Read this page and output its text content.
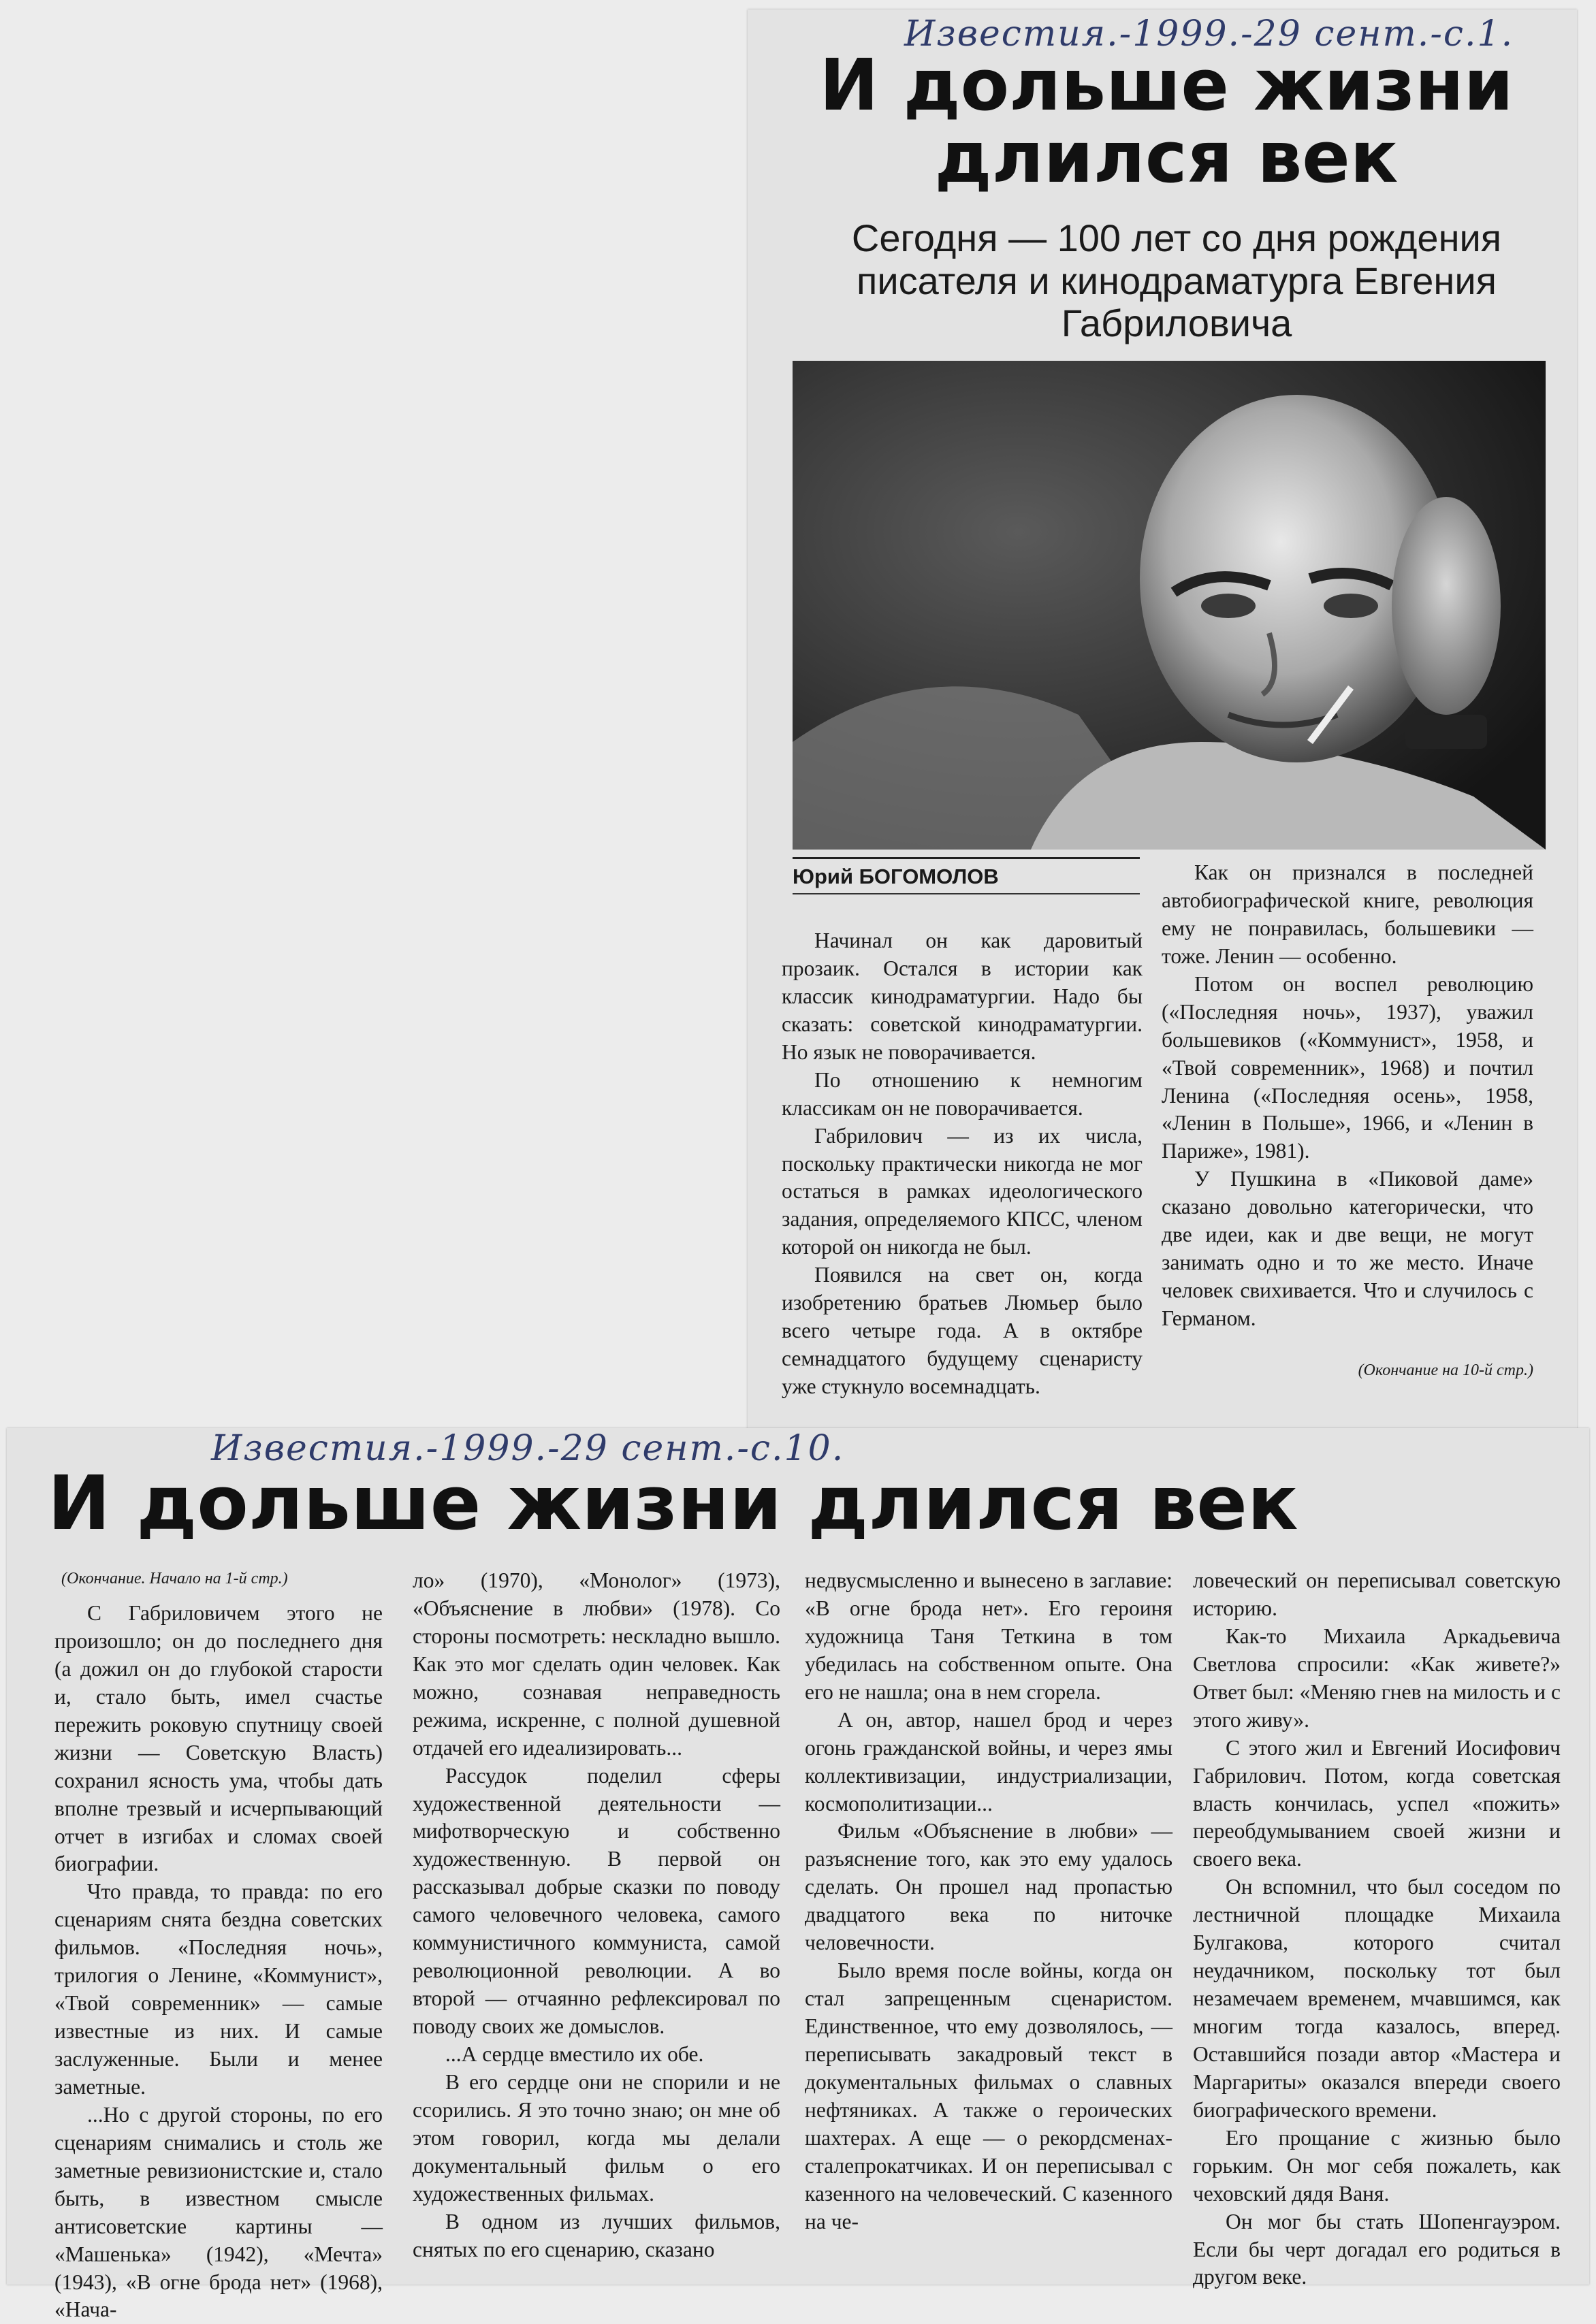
Известия.-1999.-29 сент.-с.1.
И дольше жизни длился век
Сегодня — 100 лет со дня рождения писателя и кинодраматурга Евгения Габриловича
Юрий БОГОМОЛОВ

Начинал он как даровитый прозаик. Остался в истории как классик кинодраматургии. Надо бы сказать: советской кинодраматургии. Но язык не поворачивается.

По отношению к немногим классикам он не поворачивается.

Габрилович — из их числа, поскольку практически никогда не мог остаться в рамках идеологического задания, определяемого КПСС, членом которой он никогда не был.

Появился на свет он, когда изобретению братьев Люмьер было всего четыре года. А в октябре семнадцатого будущему сценаристу уже стукнуло восемнадцать.

Как он признался в последней автобиографической книге, революция ему не понравилась, большевики — тоже. Ленин — особенно.

Потом он воспел революцию («Последняя ночь», 1937), уважил большевиков («Коммунист», 1958, и «Твой современник», 1968) и почтил Ленина («Последняя осень», 1958, «Ленин в Польше», 1966, и «Ленин в Париже», 1981).

У Пушкина в «Пиковой даме» сказано довольно категорически, что две идеи, как и две вещи, не могут занимать одно и то же место. Иначе человек свихивается. Что и случилось с Германом.

(Окончание на 10-й стр.)
Известия.-1999.-29 сент.-с.10.
И дольше жизни длился век
(Окончание. Начало на 1-й стр.)

С Габриловичем этого не произошло; он до последнего дня (а дожил он до глубокой старости и, стало быть, имел счастье пережить роковую спутницу своей жизни — Советскую Власть) сохранил ясность ума, чтобы дать вполне трезвый и исчерпывающий отчет в изгибах и сломах своей биографии.

Что правда, то правда: по его сценариям снята бездна советских фильмов. «Последняя ночь», трилогия о Ленине, «Коммунист», «Твой современник» — самые известные из них. И самые заслуженные. Были и менее заметные.

...Но с другой стороны, по его сценариям снимались и столь же заметные ревизионистские и, стало быть, в известном смысле антисоветские картины — «Машенька» (1942), «Мечта» (1943), «В огне брода нет» (1968), «Нача-

ло» (1970), «Монолог» (1973), «Объяснение в любви» (1978). Со стороны посмотреть: нескладно вышло. Как это мог сделать один человек. Как можно, сознавая неправедность режима, искренне, с полной душевной отдачей его идеализировать...

Рассудок поделил сферы художественной деятельности — мифотворческую и собственно художественную. В первой он рассказывал добрые сказки по поводу самого человечного человека, самого коммунистичного коммуниста, самой революционной революции. А во второй — отчаянно рефлексировал по поводу своих же домыслов.

...А сердце вместило их обе.

В его сердце они не спорили и не ссорились. Я это точно знаю; он мне об этом говорил, когда мы делали документальный фильм о его художественных фильмах.

В одном из лучших фильмов, снятых по его сценарию, сказано

недвусмысленно и вынесено в заглавие: «В огне брода нет». Его героиня художница Таня Теткина в том убедилась на собственном опыте. Она его не нашла; она в нем сгорела.

А он, автор, нашел брод и через огонь гражданской войны, и через ямы коллективизации, индустриализации, космополитизации...

Фильм «Объяснение в любви» — разъяснение того, как это ему удалось сделать. Он прошел над пропастью двадцатого века по ниточке человечности.

Было время после войны, когда он стал запрещенным сценаристом. Единственное, что ему дозволялось, — переписывать закадровый текст в документальных фильмах о славных нефтяниках. А также о героических шахтерах. А еще — о рекордсменах-сталепрокатчиках. И он переписывал с казенного на человеческий. С казенного на че-

ловеческий он переписывал советскую историю.

Как-то Михаила Аркадьевича Светлова спросили: «Как живете?» Ответ был: «Меняю гнев на милость и с этого живу».

С этого жил и Евгений Иосифович Габрилович. Потом, когда советская власть кончилась, успел «пожить» переобдумыванием своей жизни и своего века.

Он вспомнил, что был соседом по лестничной площадке Михаила Булгакова, которого считал неудачником, поскольку тот был незамечаем временем, мчавшимся, как многим тогда казалось, вперед. Оставшийся позади автор «Мастера и Маргариты» оказался впереди своего биографического времени.

Его прощание с жизнью было горьким. Он мог себя пожалеть, как чеховский дядя Ваня.

Он мог бы стать Шопенгауэром. Если бы черт догадал его родиться в другом веке.
